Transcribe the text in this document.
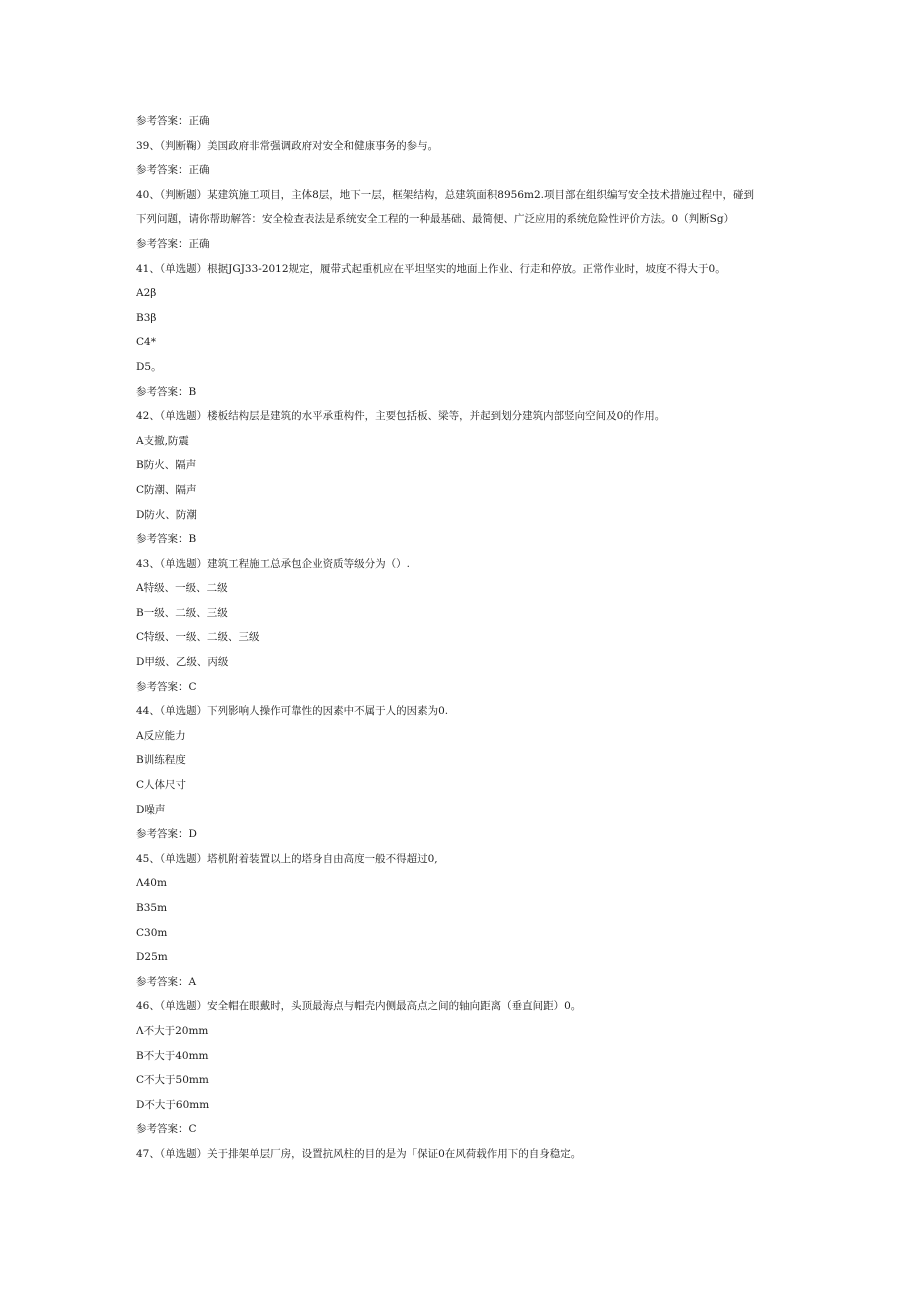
参考答案：正确
39、（判断鞠）美国政府非常强调政府对安全和健康事务的参与。
参考答案：正确
40、（判断题）某建筑施工项目，主体8层，地下一层，框架结构，总建筑面积8956m2.项目部在组织编写安全技术措施过程中，碰到
下列问题，请你帮助解答：安全检查表法是系统安全工程的一种最基础、最简便、广泛应用的系统危险性评价方法。0（判断Sg）
参考答案：正确
41、（单选题）根据JGJ33-2012规定，履带式起重机应在平坦坚实的地面上作业、行走和停放。正常作业时，坡度不得大于0。
A2β
B3β
C4*
D5。
参考答案：B
42、（单选题）楼板结构层是建筑的水平承重构件，主要包括板、梁等，并起到划分建筑内部竖向空间及0的作用。
A支撤,防震
B防火、隔声
C防潮、隔声
D防火、防潮
参考答案：B
43、（单选题）建筑工程施工总承包企业资质等级分为（）.
A特级、一级、二级
B一级、二级、三级
C特级、一级、二级、三级
D甲级、乙级、丙级
参考答案：C
44、（单选题）下列影响人操作可靠性的因素中不属于人的因素为0.
A反应能力
B训练程度
C人体尺寸
D噪声
参考答案：D
45、（单选题）塔机附着装置以上的塔身自由高度一般不得超过0,
Λ40m
B35m
C30m
D25m
参考答案：A
46、（单选题）安全帽在眼戴时，头顶最海点与帽壳内侧最高点之间的轴向距离（垂直间距）0。
Λ不大于20mm
B不大于40mm
C不大于50mm
D不大于60mm
参考答案：C
47、（单选题）关于排架单层厂房，设置抗风柱的目的是为「保证0在风荷载作用下的自身稳定。
